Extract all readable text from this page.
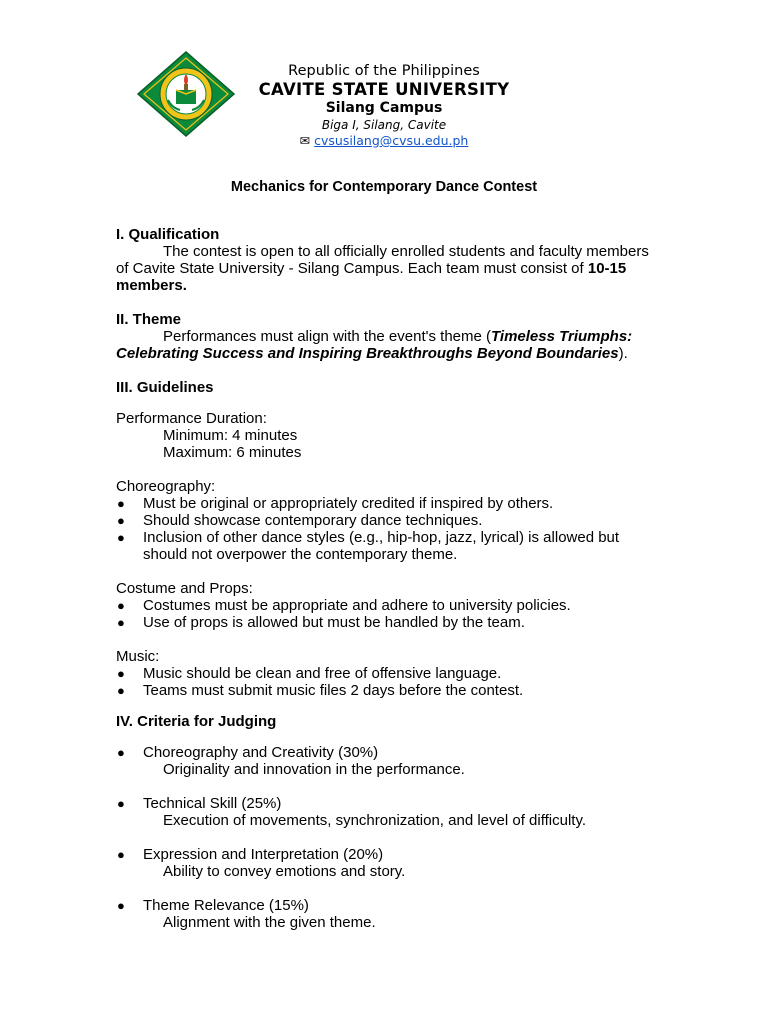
Republic of the Philippines
CAVITE STATE UNIVERSITY
Silang Campus
Biga I, Silang, Cavite
✉ cvsusilang@cvsu.edu.ph
Mechanics for Contemporary Dance Contest
I. Qualification
The contest is open to all officially enrolled students and faculty members of Cavite State University - Silang Campus. Each team must consist of 10-15 members.
II. Theme
Performances must align with the event's theme (Timeless Triumphs: Celebrating Success and Inspiring Breakthroughs Beyond Boundaries).
III. Guidelines
Performance Duration:
Minimum: 4 minutes
Maximum: 6 minutes
Choreography:
● Must be original or appropriately credited if inspired by others.
● Should showcase contemporary dance techniques.
● Inclusion of other dance styles (e.g., hip-hop, jazz, lyrical) is allowed but should not overpower the contemporary theme.
Costume and Props:
● Costumes must be appropriate and adhere to university policies.
● Use of props is allowed but must be handled by the team.
Music:
● Music should be clean and free of offensive language.
● Teams must submit music files 2 days before the contest.
IV. Criteria for Judging
● Choreography and Creativity (30%)
Originality and innovation in the performance.
● Technical Skill (25%)
Execution of movements, synchronization, and level of difficulty.
● Expression and Interpretation (20%)
Ability to convey emotions and story.
● Theme Relevance (15%)
Alignment with the given theme.
